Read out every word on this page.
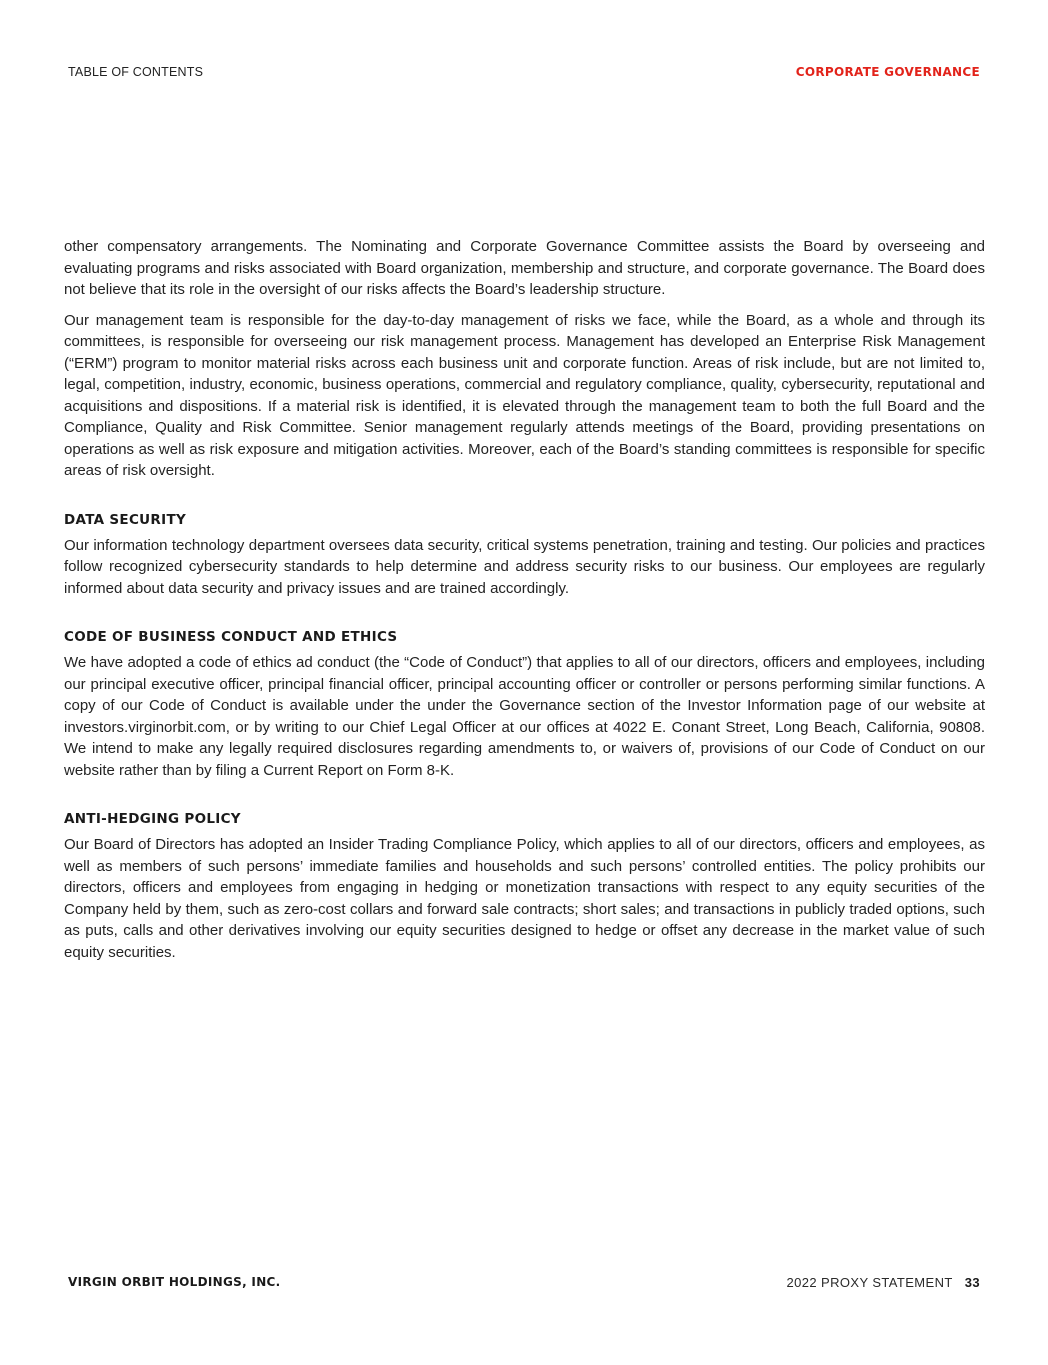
TABLE OF CONTENTS	CORPORATE GOVERNANCE

other compensatory arrangements. The Nominating and Corporate Governance Committee assists the Board by overseeing and evaluating programs and risks associated with Board organization, membership and structure, and corporate governance. The Board does not believe that its role in the oversight of our risks affects the Board’s leadership structure.

Our management team is responsible for the day-to-day management of risks we face, while the Board, as a whole and through its committees, is responsible for overseeing our risk management process. Management has developed an Enterprise Risk Management (“ERM”) program to monitor material risks across each business unit and corporate function. Areas of risk include, but are not limited to, legal, competition, industry, economic, business operations, commercial and regulatory compliance, quality, cybersecurity, reputational and acquisitions and dispositions. If a material risk is identified, it is elevated through the management team to both the full Board and the Compliance, Quality and Risk Committee. Senior management regularly attends meetings of the Board, providing presentations on operations as well as risk exposure and mitigation activities. Moreover, each of the Board’s standing committees is responsible for specific areas of risk oversight.

DATA SECURITY

Our information technology department oversees data security, critical systems penetration, training and testing. Our policies and practices follow recognized cybersecurity standards to help determine and address security risks to our business. Our employees are regularly informed about data security and privacy issues and are trained accordingly.

CODE OF BUSINESS CONDUCT AND ETHICS

We have adopted a code of ethics ad conduct (the “Code of Conduct”) that applies to all of our directors, officers and employees, including our principal executive officer, principal financial officer, principal accounting officer or controller or persons performing similar functions. A copy of our Code of Conduct is available under the under the Governance section of the Investor Information page of our website at investors.virginorbit.com, or by writing to our Chief Legal Officer at our offices at 4022 E. Conant Street, Long Beach, California, 90808. We intend to make any legally required disclosures regarding amendments to, or waivers of, provisions of our Code of Conduct on our website rather than by filing a Current Report on Form 8-K.

ANTI-HEDGING POLICY

Our Board of Directors has adopted an Insider Trading Compliance Policy, which applies to all of our directors, officers and employees, as well as members of such persons’ immediate families and households and such persons’ controlled entities. The policy prohibits our directors, officers and employees from engaging in hedging or monetization transactions with respect to any equity securities of the Company held by them, such as zero-cost collars and forward sale contracts; short sales; and transactions in publicly traded options, such as puts, calls and other derivatives involving our equity securities designed to hedge or offset any decrease in the market value of such equity securities.

VIRGIN ORBIT HOLDINGS, INC.	2022 PROXY STATEMENT 33
